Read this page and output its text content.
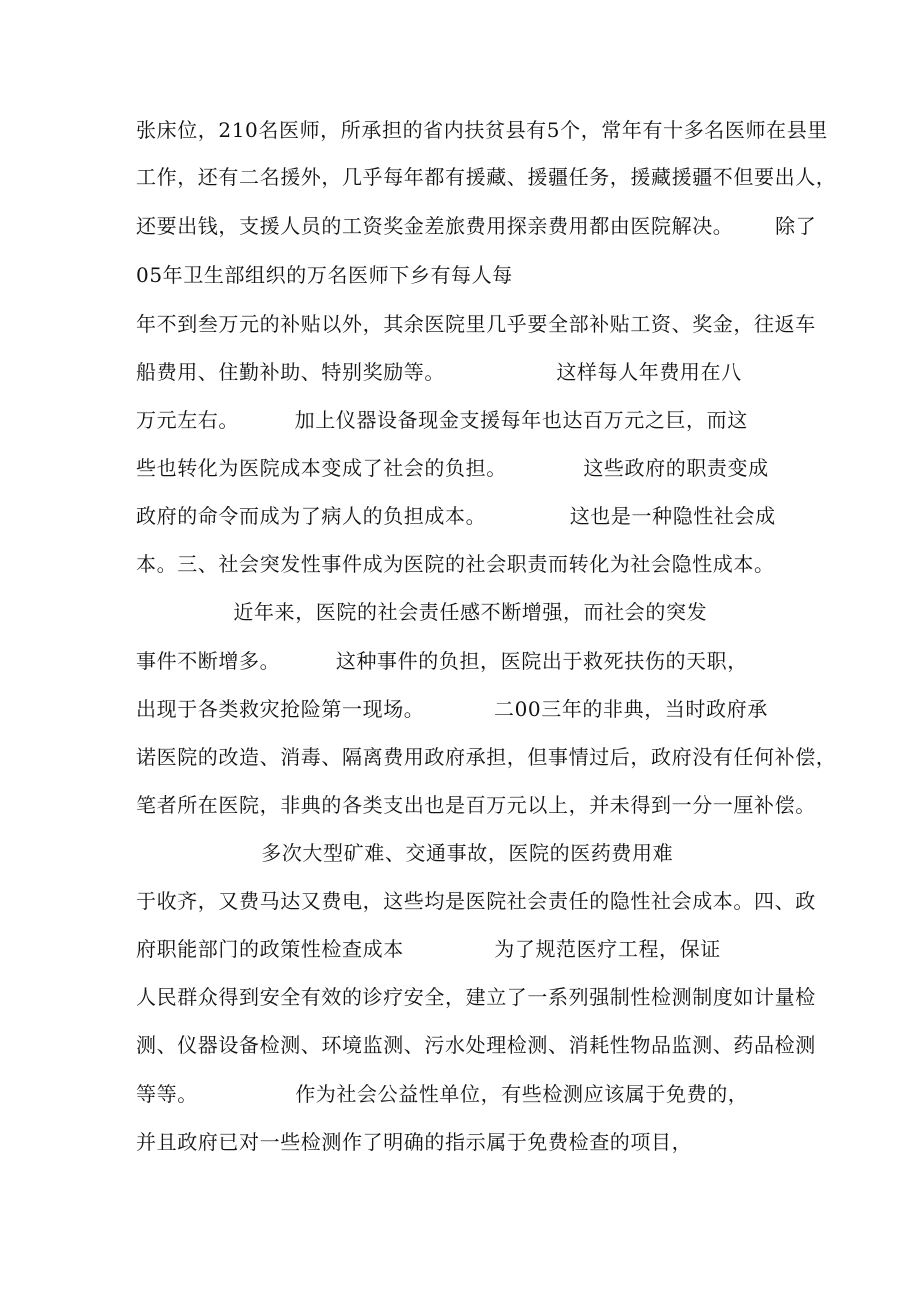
张床位，210名医师，所承担的省内扶贫县有5个，常年有十多名医师在县里
工作，还有二名援外，几乎每年都有援藏、援疆任务，援藏援疆不但要出人，
还要出钱，支援人员的工资奖金差旅费用探亲费用都由医院解决。      除了
05年卫生部组织的万名医师下乡有每人每
年不到叁万元的补贴以外，其余医院里几乎要全部补贴工资、奖金，往返车
船费用、住勤补助、特别奖励等。                这样每人年费用在八
万元左右。        加上仪器设备现金支援每年也达百万元之巨，而这
些也转化为医院成本变成了社会的负担。           这些政府的职责变成
政府的命令而成为了病人的负担成本。            这也是一种隐性社会成
本。三、社会突发性事件成为医院的社会职责而转化为社会隐性成本。
近年来，医院的社会责任感不断增强，而社会的突发
事件不断增多。        这种事件的负担，医院出于救死扶伤的天职，
出现于各类救灾抢险第一现场。          二00三年的非典，当时政府承
诺医院的改造、消毒、隔离费用政府承担，但事情过后，政府没有任何补偿，
笔者所在医院，非典的各类支出也是百万元以上，并未得到一分一厘补偿。
多次大型矿难、交通事故，医院的医药费用难
于收齐，又费马达又费电，这些均是医院社会责任的隐性社会成本。四、政
府职能部门的政策性检查成本             为了规范医疗工程，保证
人民群众得到安全有效的诊疗安全，建立了一系列强制性检测制度如计量检
测、仪器设备检测、环境监测、污水处理检测、消耗性物品监测、药品检测
等等。              作为社会公益性单位，有些检测应该属于免费的，
并且政府已对一些检测作了明确的指示属于免费检查的项目，
